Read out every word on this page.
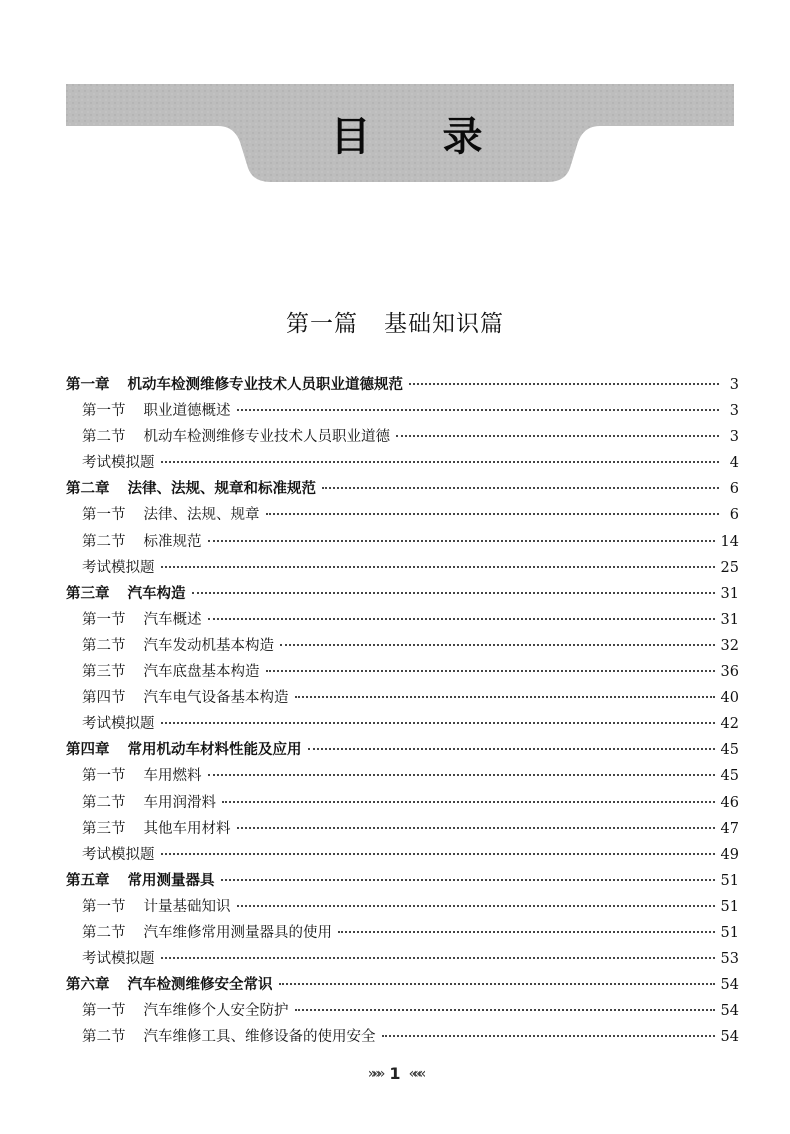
目 录
第一篇 基础知识篇
第一章 机动车检测维修专业技术人员职业道德规范	3
第一节 职业道德概述	3
第二节 机动车检测维修专业技术人员职业道德	3
考试模拟题	4
第二章 法律、法规、规章和标准规范	6
第一节 法律、法规、规章	6
第二节 标准规范	14
考试模拟题	25
第三章 汽车构造	31
第一节 汽车概述	31
第二节 汽车发动机基本构造	32
第三节 汽车底盘基本构造	36
第四节 汽车电气设备基本构造	40
考试模拟题	42
第四章 常用机动车材料性能及应用	45
第一节 车用燃料	45
第二节 车用润滑料	46
第三节 其他车用材料	47
考试模拟题	49
第五章 常用测量器具	51
第一节 计量基础知识	51
第二节 汽车维修常用测量器具的使用	51
考试模拟题	53
第六章 汽车检测维修安全常识	54
第一节 汽车维修个人安全防护	54
第二节 汽车维修工具、维修设备的使用安全	54
»»» 1 «««
